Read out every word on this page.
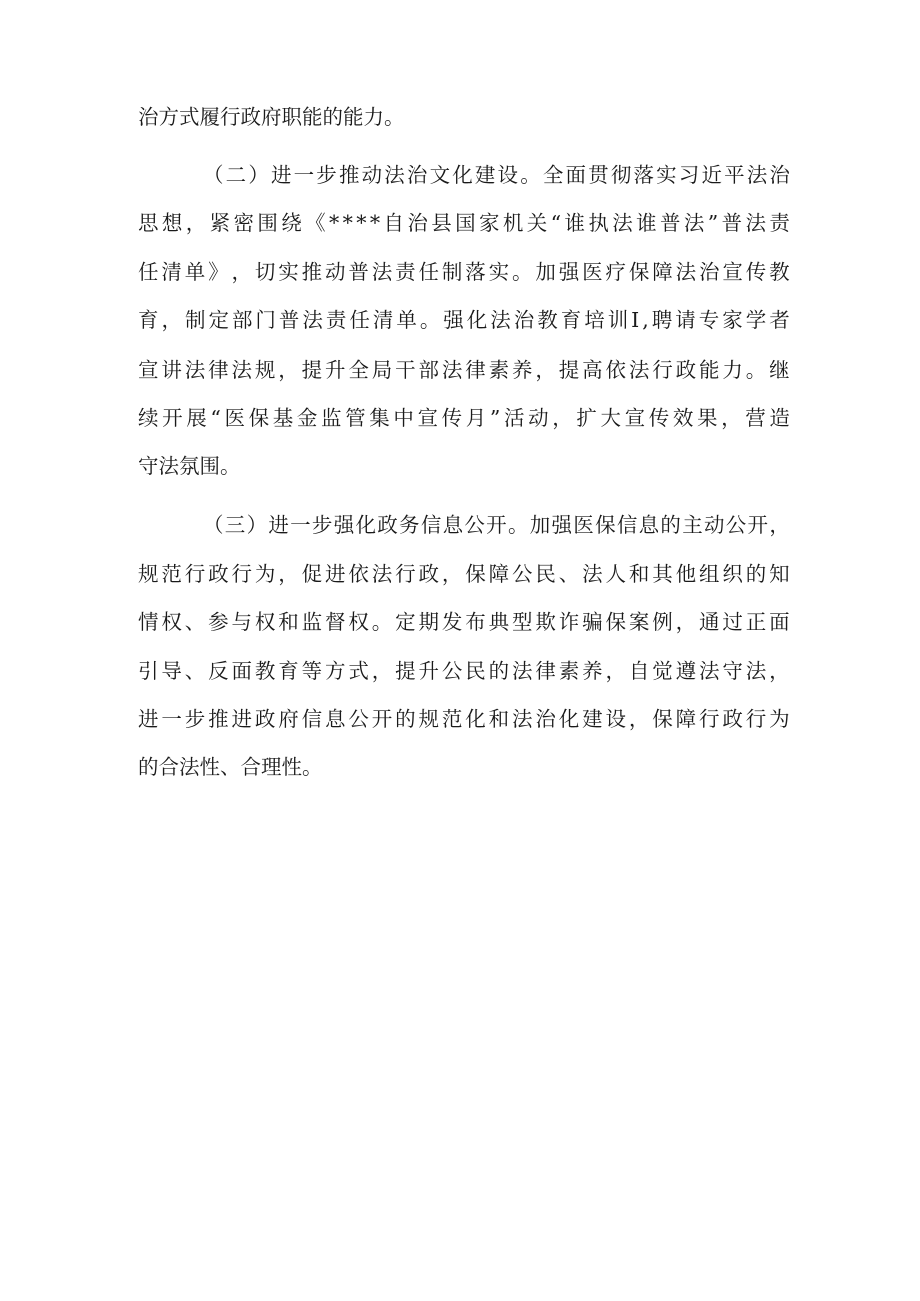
治方式履行政府职能的能力。
（ 二 ） 进 一 步 推 动 法 治 文 化 建 设 。 全 面 贯 彻 落 实 习 近 平 法 治
思 想 ， 紧 密 围 绕 《 * * * * 自 治 县 国 家 机 关 “ 谁 执 法 谁 普 法 ” 普 法 责
任 清 单 》 ， 切 实 推 动 普 法 责 任 制 落 实 。 加 强 医 疗 保 障 法 治 宣 传 教
育 ， 制 定 部 门 普 法 责 任 清 单 。 强 化 法 治 教 育 培 训 I , 聘 请 专 家 学 者
宣 讲 法 律 法 规 ， 提 升 全 局 干 部 法 律 素 养 ， 提 高 依 法 行 政 能 力 。 继
续 开 展 “ 医 保 基 金 监 管 集 中 宣 传 月 ” 活 动 ， 扩 大 宣 传 效 果 ， 营 造
守法氛围。
（ 三 ） 进 一 步 强 化 政 务 信 息 公 开 。 加 强 医 保 信 息 的 主 动 公 开 ，
规 范 行 政 行 为 ， 促 进 依 法 行 政 ， 保 障 公 民 、 法 人 和 其 他 组 织 的 知
情 权 、 参 与 权 和 监 督 权 。 定 期 发 布 典 型 欺 诈 骗 保 案 例 ， 通 过 正 面
引 导 、 反 面 教 育 等 方 式 ， 提 升 公 民 的 法 律 素 养 ， 自 觉 遵 法 守 法 ，
进 一 步 推 进 政 府 信 息 公 开 的 规 范 化 和 法 治 化 建 设 ， 保 障 行 政 行 为
的合法性、合理性。
